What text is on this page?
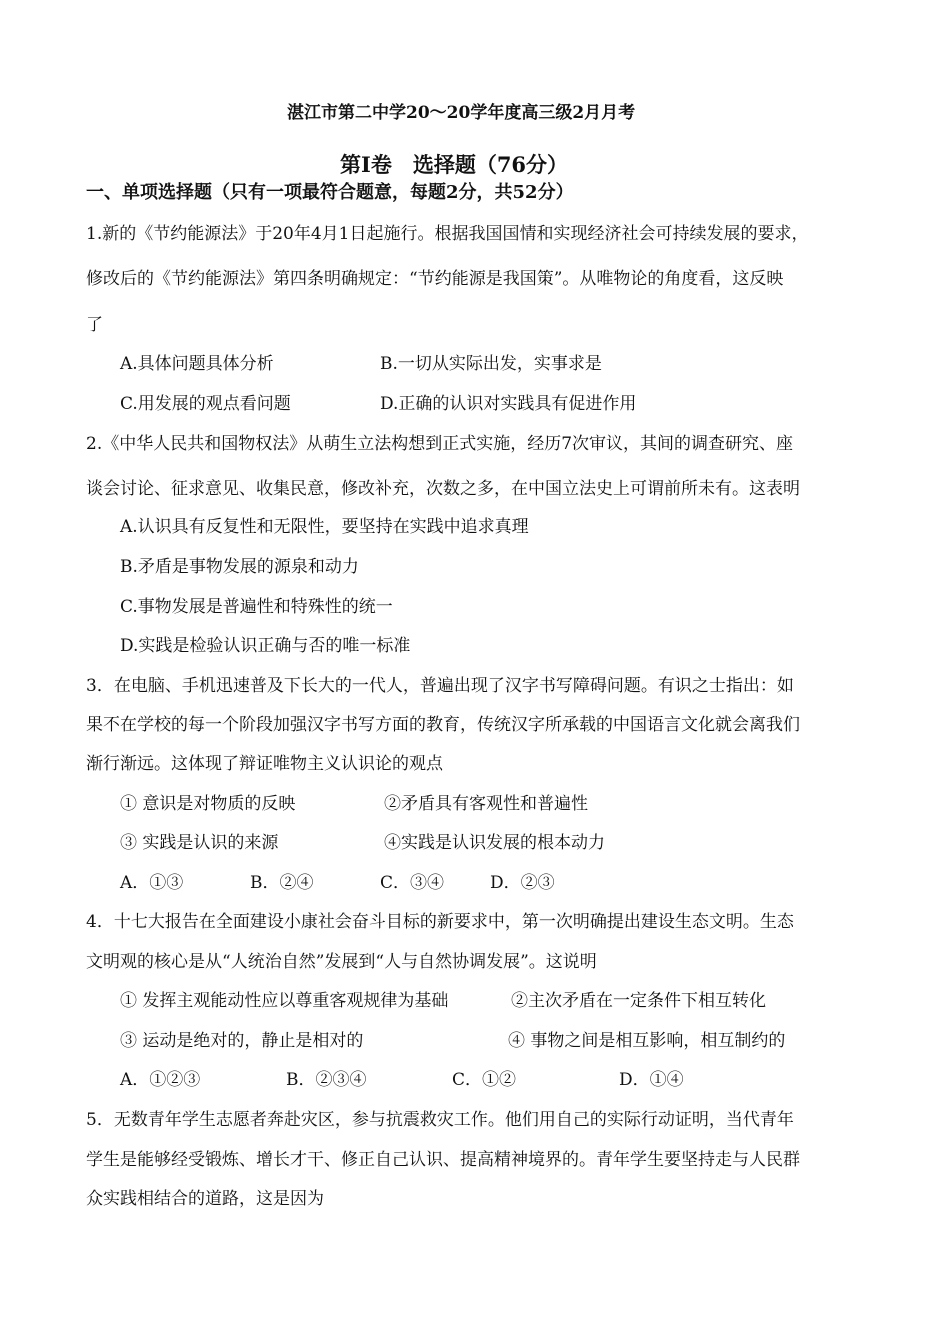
湛江市第二中学20～20学年度高三级2月月考
第Ⅰ卷　选择题（76分）
一、单项选择题（只有一项最符合题意，每题2分，共52分）
1.新的《节约能源法》于20年4月1日起施行。根据我国国情和实现经济社会可持续发展的要求，
修改后的《节约能源法》第四条明确规定：“节约能源是我国策”。从唯物论的角度看，这反映
了
A.具体问题具体分析	B.一切从实际出发，实事求是
C.用发展的观点看问题	D.正确的认识对实践具有促进作用
2.《中华人民共和国物权法》从萌生立法构想到正式实施，经历7次审议，其间的调查研究、座
谈会讨论、征求意见、收集民意，修改补充，次数之多，在中国立法史上可谓前所未有。这表明
A.认识具有反复性和无限性，要坚持在实践中追求真理
B.矛盾是事物发展的源泉和动力
C.事物发展是普遍性和特殊性的统一
D.实践是检验认识正确与否的唯一标准
3．在电脑、手机迅速普及下长大的一代人，普遍出现了汉字书写障碍问题。有识之士指出：如
果不在学校的每一个阶段加强汉字书写方面的教育，传统汉字所承载的中国语言文化就会离我们
渐行渐远。这体现了辩证唯物主义认识论的观点
① 意识是对物质的反映	②矛盾具有客观性和普遍性
③ 实践是认识的来源	④实践是认识发展的根本动力
A．①③	B．②④	C．③④	D．②③
4．十七大报告在全面建设小康社会奋斗目标的新要求中，第一次明确提出建设生态文明。生态
文明观的核心是从“人统治自然”发展到“人与自然协调发展”。这说明
① 发挥主观能动性应以尊重客观规律为基础	②主次矛盾在一定条件下相互转化
③ 运动是绝对的，静止是相对的	④ 事物之间是相互影响，相互制约的
A．①②③	B．②③④	C．①②	D．①④
5．无数青年学生志愿者奔赴灾区，参与抗震救灾工作。他们用自己的实际行动证明，当代青年
学生是能够经受锻炼、增长才干、修正自己认识、提高精神境界的。青年学生要坚持走与人民群
众实践相结合的道路，这是因为
